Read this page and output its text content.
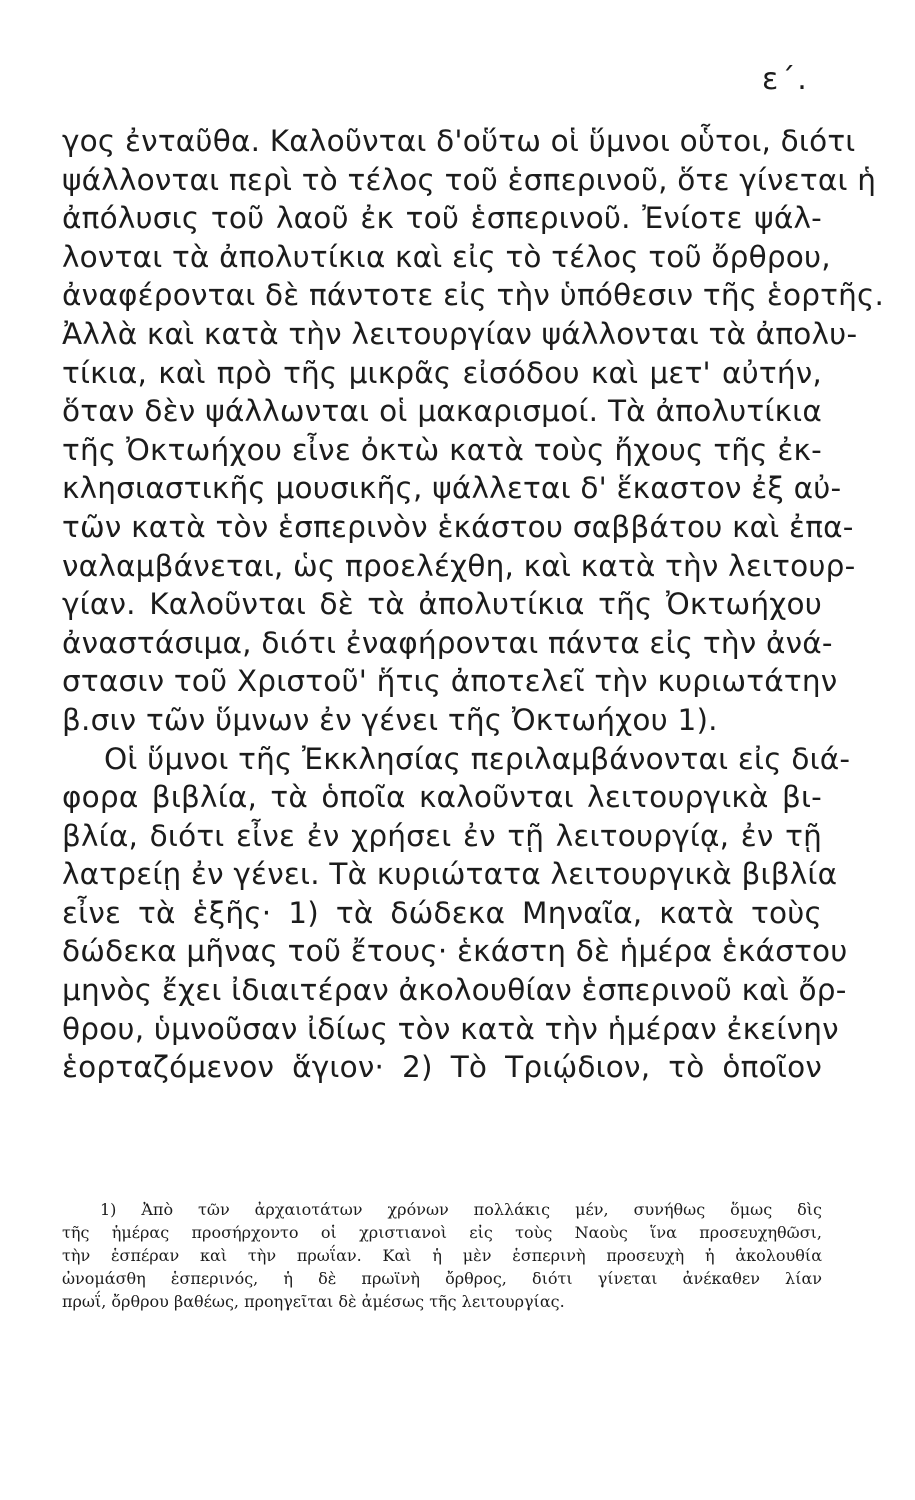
ε΄.
γος ἐνταῦθα. Καλοῦνται δ'οὕτω οἱ ὕμνοι οὗτοι, διότι
ψάλλονται περὶ τὸ τέλος τοῦ ἑσπερινοῦ, ὅτε γίνεται ἡ
ἀπόλυσις τοῦ λαοῦ ἐκ τοῦ ἑσπερινοῦ. Ἐνίοτε ψάλ-
λονται τὰ ἀπολυτίκια καὶ εἰς τὸ τέλος τοῦ ὄρθρου,
ἀναφέρονται δὲ πάντοτε εἰς τὴν ὑπόθεσιν τῆς ἑορτῆς.
Ἀλλὰ καὶ κατὰ τὴν λειτουργίαν ψάλλονται τὰ ἀπολυ-
τίκια, καὶ πρὸ τῆς μικρᾶς εἰσόδου καὶ μετ' αὐτήν,
ὅταν δὲν ψάλλωνται οἱ μακαρισμοί. Τὰ ἀπολυτίκια
τῆς Ὀκτωήχου εἶνε ὀκτὼ κατὰ τοὺς ἤχους τῆς ἐκ-
κλησιαστικῆς μουσικῆς, ψάλλεται δ' ἕκαστον ἐξ αὐ-
τῶν κατὰ τὸν ἑσπερινὸν ἑκάστου σαββάτου καὶ ἐπα-
ναλαμβάνεται, ὡς προελέχθη, καὶ κατὰ τὴν λειτουρ-
γίαν. Καλοῦνται δὲ τὰ ἀπολυτίκια τῆς Ὀκτωήχου
ἀναστάσιμα, διότι ἐναφήρονται πάντα εἰς τὴν ἀνά-
στασιν τοῦ Χριστοῦ' ἥτις ἀποτελεῖ τὴν κυριωτάτην
β.σιν τῶν ὕμνων ἐν γένει τῆς Ὀκτωήχου 1).
Οἱ ὕμνοι τῆς Ἐκκλησίας περιλαμβάνονται εἰς διά-
φορα βιβλία, τὰ ὁποῖα καλοῦνται λειτουργικὰ βι-
βλία, διότι εἶνε ἐν χρήσει ἐν τῇ λειτουργίᾳ, ἐν τῇ
λατρείῃ ἐν γένει. Τὰ κυριώτατα λειτουργικὰ βιβλία
εἶνε τὰ ἑξῆς· 1) τὰ δώδεκα Μηναῖα, κατὰ τοὺς
δώδεκα μῆνας τοῦ ἔτους· ἑκάστη δὲ ἡμέρα ἑκάστου
μηνὸς ἔχει ἰδιαιτέραν ἀκολουθίαν ἑσπερινοῦ καὶ ὄρ-
θρου, ὑμνοῦσαν ἰδίως τὸν κατὰ τὴν ἡμέραν ἐκείνην
ἑορταζόμενον ἅγιον· 2) Τὸ Τριῴδιον, τὸ ὁποῖον
1) Ἀπὸ τῶν ἀρχαιοτάτων χρόνων πολλάκις μέν, συνήθως ὅμως δὶς
τῆς ἡμέρας προσήρχοντο οἱ χριστιανοὶ εἰς τοὺς Ναοὺς ἵνα προσευχηθῶσι,
τὴν ἑσπέραν καὶ τὴν πρωΐαν. Καὶ ἡ μὲν ἑσπερινὴ προσευχὴ ἡ ἀκολουθία
ὠνομάσθη ἑσπερινός, ἡ δὲ πρωϊνὴ ὄρθρος, διότι γίνεται ἀνέκαθεν λίαν
πρωΐ, ὄρθρου βαθέως, προηγεῖται δὲ ἀμέσως τῆς λειτουργίας.
